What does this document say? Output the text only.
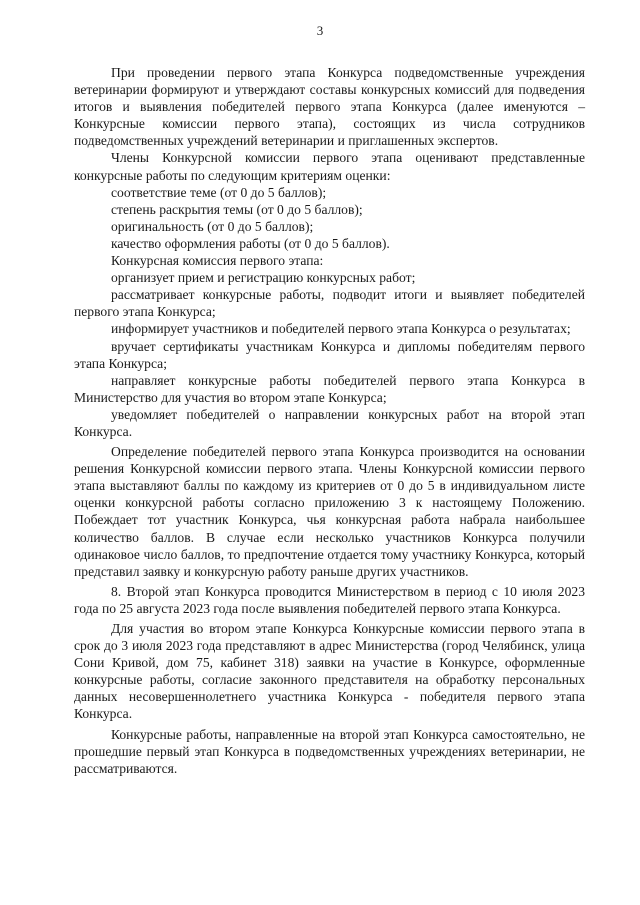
3

При проведении первого этапа Конкурса подведомственные учреждения ветеринарии формируют и утверждают составы конкурсных комиссий для подведения итогов и выявления победителей первого этапа Конкурса (далее именуются – Конкурсные комиссии первого этапа), состоящих из числа сотрудников подведомственных учреждений ветеринарии и приглашенных экспертов.

Члены Конкурсной комиссии первого этапа оценивают представленные конкурсные работы по следующим критериям оценки:

соответствие теме (от 0 до 5 баллов);

степень раскрытия темы (от 0 до 5 баллов);

оригинальность (от 0 до 5 баллов);

качество оформления работы (от 0 до 5 баллов).

Конкурсная комиссия первого этапа:

организует прием и регистрацию конкурсных работ;

рассматривает конкурсные работы, подводит итоги и выявляет победителей первого этапа Конкурса;

информирует участников и победителей первого этапа Конкурса о результатах;

вручает сертификаты участникам Конкурса и дипломы победителям первого этапа Конкурса;

направляет конкурсные работы победителей первого этапа Конкурса в Министерство для участия во втором этапе Конкурса;

уведомляет победителей о направлении конкурсных работ на второй этап Конкурса.

Определение победителей первого этапа Конкурса производится на основании решения Конкурсной комиссии первого этапа. Члены Конкурсной комиссии первого этапа выставляют баллы по каждому из критериев от 0 до 5 в индивидуальном листе оценки конкурсной работы согласно приложению 3 к настоящему Положению. Побеждает тот участник Конкурса, чья конкурсная работа набрала наибольшее количество баллов. В случае если несколько участников Конкурса получили одинаковое число баллов, то предпочтение отдается тому участнику Конкурса, который представил заявку и конкурсную работу раньше других участников.

8. Второй этап Конкурса проводится Министерством в период с 10 июля 2023 года по 25 августа 2023 года после выявления победителей первого этапа Конкурса.

Для участия во втором этапе Конкурса Конкурсные комиссии первого этапа в срок до 3 июля 2023 года представляют в адрес Министерства (город Челябинск, улица Сони Кривой, дом 75, кабинет 318) заявки на участие в Конкурсе, оформленные конкурсные работы, согласие законного представителя на обработку персональных данных несовершеннолетнего участника Конкурса - победителя первого этапа Конкурса.

Конкурсные работы, направленные на второй этап Конкурса самостоятельно, не прошедшие первый этап Конкурса в подведомственных учреждениях ветеринарии, не рассматриваются.
